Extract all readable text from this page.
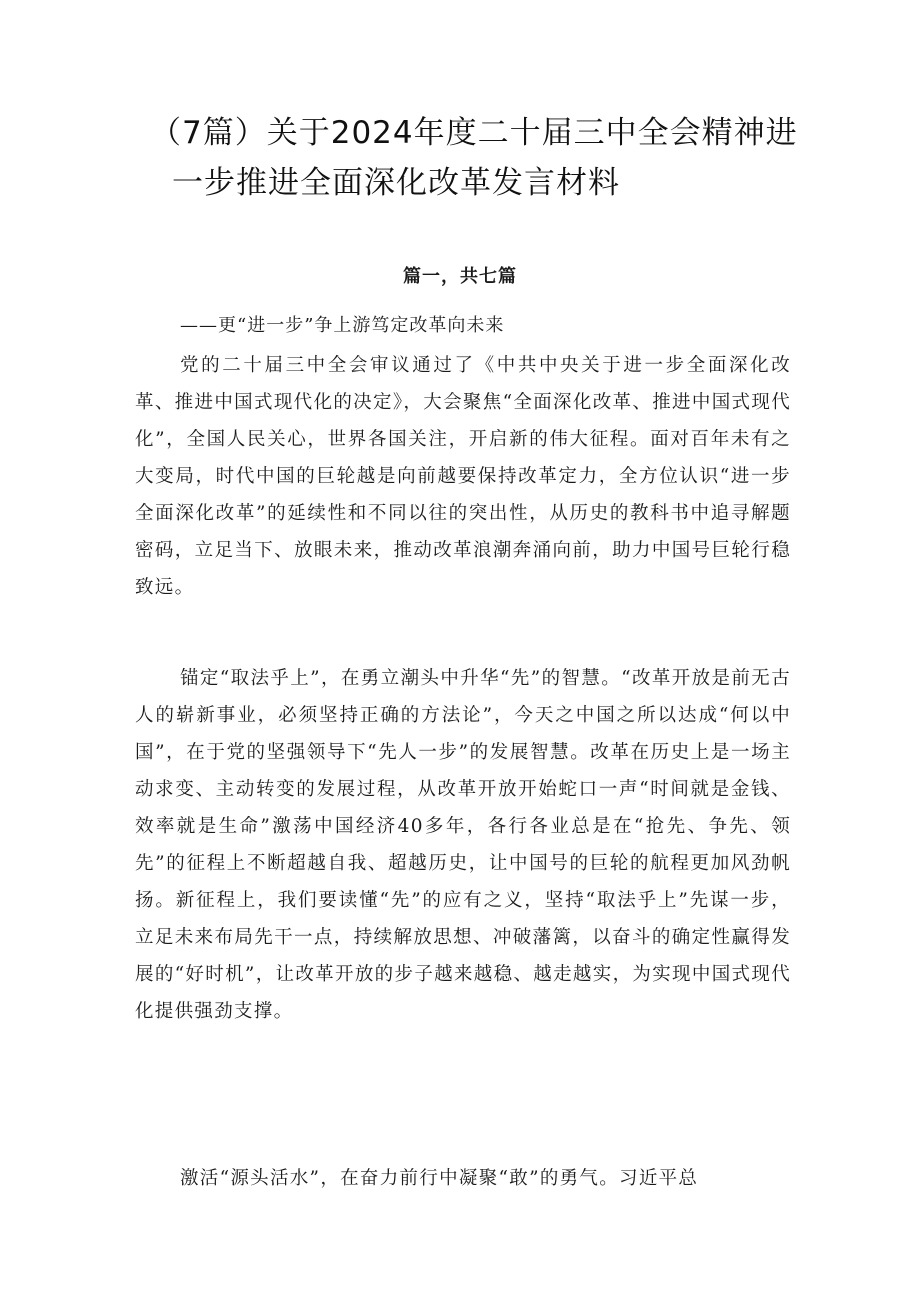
（7篇）关于2024年度二十届三中全会精神进
一步推进全面深化改革发言材料

篇一，共七篇

——更“进一步”争上游笃定改革向未来

党的二十届三中全会审议通过了《中共中央关于进一步全面深化改革、推进中国式现代化的决定》，大会聚焦“全面深化改革、推进中国式现代化”，全国人民关心，世界各国关注，开启新的伟大征程。面对百年未有之大变局，时代中国的巨轮越是向前越要保持改革定力，全方位认识“进一步全面深化改革”的延续性和不同以往的突出性，从历史的教科书中追寻解题密码，立足当下、放眼未来，推动改革浪潮奔涌向前，助力中国号巨轮行稳致远。

锚定“取法乎上”，在勇立潮头中升华“先”的智慧。“改革开放是前无古人的崭新事业，必须坚持正确的方法论”，今天之中国之所以达成“何以中国”，在于党的坚强领导下“先人一步”的发展智慧。改革在历史上是一场主动求变、主动转变的发展过程，从改革开放开始蛇口一声“时间就是金钱、效率就是生命”激荡中国经济40多年，各行各业总是在“抢先、争先、领先”的征程上不断超越自我、超越历史，让中国号的巨轮的航程更加风劲帆扬。新征程上，我们要读懂“先”的应有之义，坚持“取法乎上”先谋一步，立足未来布局先干一点，持续解放思想、冲破藩篱，以奋斗的确定性赢得发展的“好时机”，让改革开放的步子越来越稳、越走越实，为实现中国式现代化提供强劲支撑。

激活“源头活水”，在奋力前行中凝聚“敢”的勇气。习近平总
